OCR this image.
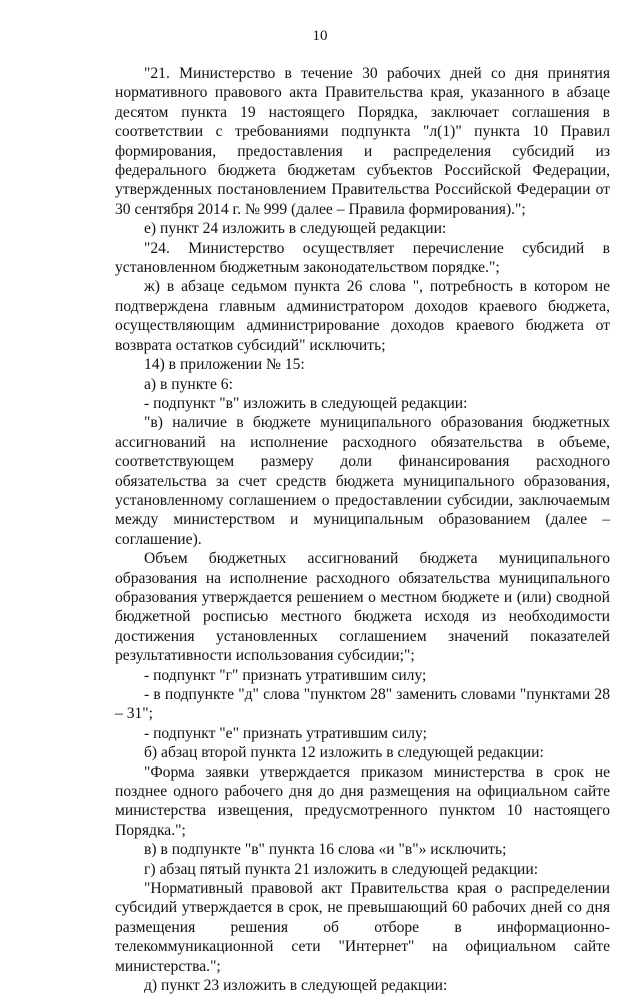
10

"21. Министерство в течение 30 рабочих дней со дня принятия нормативного правового акта Правительства края, указанного в абзаце десятом пункта 19 настоящего Порядка, заключает соглашения в соответствии с требованиями подпункта "л(1)" пункта 10 Правил формирования, предоставления и распределения субсидий из федерального бюджета бюджетам субъектов Российской Федерации, утвержденных постановлением Правительства Российской Федерации от 30 сентября 2014 г. № 999 (далее – Правила формирования).";

е) пункт 24 изложить в следующей редакции:

"24. Министерство осуществляет перечисление субсидий в установленном бюджетным законодательством порядке.";

ж) в абзаце седьмом пункта 26 слова ", потребность в котором не подтверждена главным администратором доходов краевого бюджета, осуществляющим администрирование доходов краевого бюджета от возврата остатков субсидий" исключить;

14) в приложении № 15:

а) в пункте 6:

- подпункт "в" изложить в следующей редакции:

"в) наличие в бюджете муниципального образования бюджетных ассигнований на исполнение расходного обязательства в объеме, соответствующем размеру доли финансирования расходного обязательства за счет средств бюджета муниципального образования, установленному соглашением о предоставлении субсидии, заключаемым между министерством и муниципальным образованием (далее – соглашение).

Объем бюджетных ассигнований бюджета муниципального образования на исполнение расходного обязательства муниципального образования утверждается решением о местном бюджете и (или) сводной бюджетной росписью местного бюджета исходя из необходимости достижения установленных соглашением значений показателей результативности использования субсидии;";

- подпункт "г" признать утратившим силу;

- в подпункте "д" слова "пунктом 28" заменить словами "пунктами 28 – 31";

- подпункт "е" признать утратившим силу;

б) абзац второй пункта 12 изложить в следующей редакции:

"Форма заявки утверждается приказом министерства в срок не позднее одного рабочего дня до дня размещения на официальном сайте министерства извещения, предусмотренного пунктом 10 настоящего Порядка.";

в) в подпункте "в" пункта 16 слова «и "в"» исключить;

г) абзац пятый пункта 21 изложить в следующей редакции:

"Нормативный правовой акт Правительства края о распределении субсидий утверждается в срок, не превышающий 60 рабочих дней со дня размещения решения об отборе в информационно-телекоммуникационной сети "Интернет" на официальном сайте министерства.";

д) пункт 23 изложить в следующей редакции:
